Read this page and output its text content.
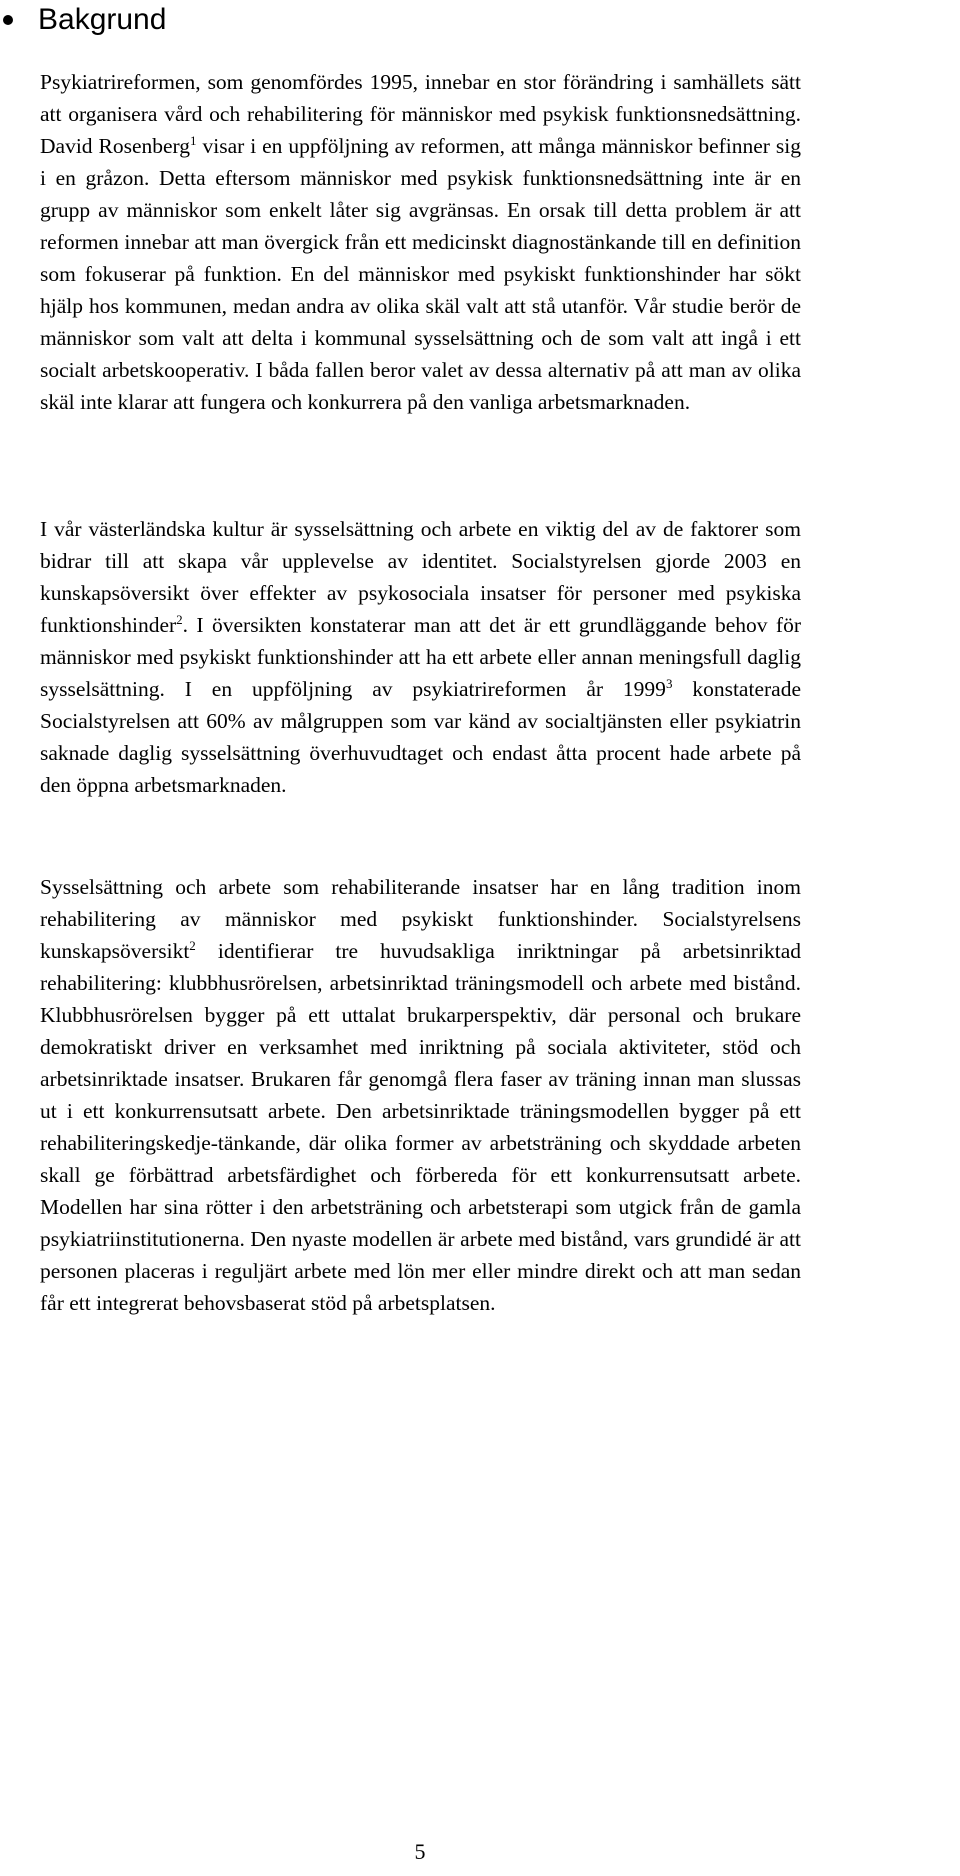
Bakgrund

Psykiatrireformen, som genomfördes 1995, innebar en stor förändring i samhällets sätt att organisera vård och rehabilitering för människor med psykisk funktionsnedsättning. David Rosenberg$^1$ visar i en uppföljning av reformen, att många människor befinner sig i en gråzon. Detta eftersom människor med psykisk funktionsnedsättning inte är en grupp av människor som enkelt låter sig avgränsas. En orsak till detta problem är att reformen innebar att man övergick från ett medicinskt diagnostänkande till en definition som fokuserar på funktion. En del människor med psykiskt funktionshinder har sökt hjälp hos kommunen, medan andra av olika skäl valt att stå utanför. Vår studie berör de människor som valt att delta i kommunal sysselsättning och de som valt att ingå i ett socialt arbetskooperativ. I båda fallen beror valet av dessa alternativ på att man av olika skäl inte klarar att fungera och konkurrera på den vanliga arbetsmarknaden.

I vår västerländska kultur är sysselsättning och arbete en viktig del av de faktorer som bidrar till att skapa vår upplevelse av identitet. Socialstyrelsen gjorde 2003 en kunskapsöversikt över effekter av psykosociala insatser för personer med psykiska funktionshinder$^2$. I översikten konstaterar man att det är ett grundläggande behov för människor med psykiskt funktionshinder att ha ett arbete eller annan meningsfull daglig sysselsättning. I en uppföljning av psykiatrireformen år 1999$^3$ konstaterade Socialstyrelsen att 60% av målgruppen som var känd av socialtjänsten eller psykiatrin saknade daglig sysselsättning överhuvudtaget och endast åtta procent hade arbete på den öppna arbetsmarknaden.

Sysselsättning och arbete som rehabiliterande insatser har en lång tradition inom rehabilitering av människor med psykiskt funktionshinder. Socialstyrelsens kunskapsöversikt$^2$ identifierar tre huvudsakliga inriktningar på arbetsinriktad rehabilitering: klubbhusrörelsen, arbetsinriktad träningsmodell och arbete med bistånd. Klubbhusrörelsen bygger på ett uttalat brukarperspektiv, där personal och brukare demokratiskt driver en verksamhet med inriktning på sociala aktiviteter, stöd och arbetsinriktade insatser. Brukaren får genomgå flera faser av träning innan man slussas ut i ett konkurrensutsatt arbete. Den arbetsinriktade träningsmodellen bygger på ett rehabiliteringskedje-tänkande, där olika former av arbetsträning och skyddade arbeten skall ge förbättrad arbetsfärdighet och förbereda för ett konkurrensutsatt arbete. Modellen har sina rötter i den arbetsträning och arbetsterapi som utgick från de gamla psykiatriinstitutionerna. Den nyaste modellen är arbete med bistånd, vars grundidé är att personen placeras i reguljärt arbete med lön mer eller mindre direkt och att man sedan får ett integrerat behovsbaserat stöd på arbetsplatsen.

5
